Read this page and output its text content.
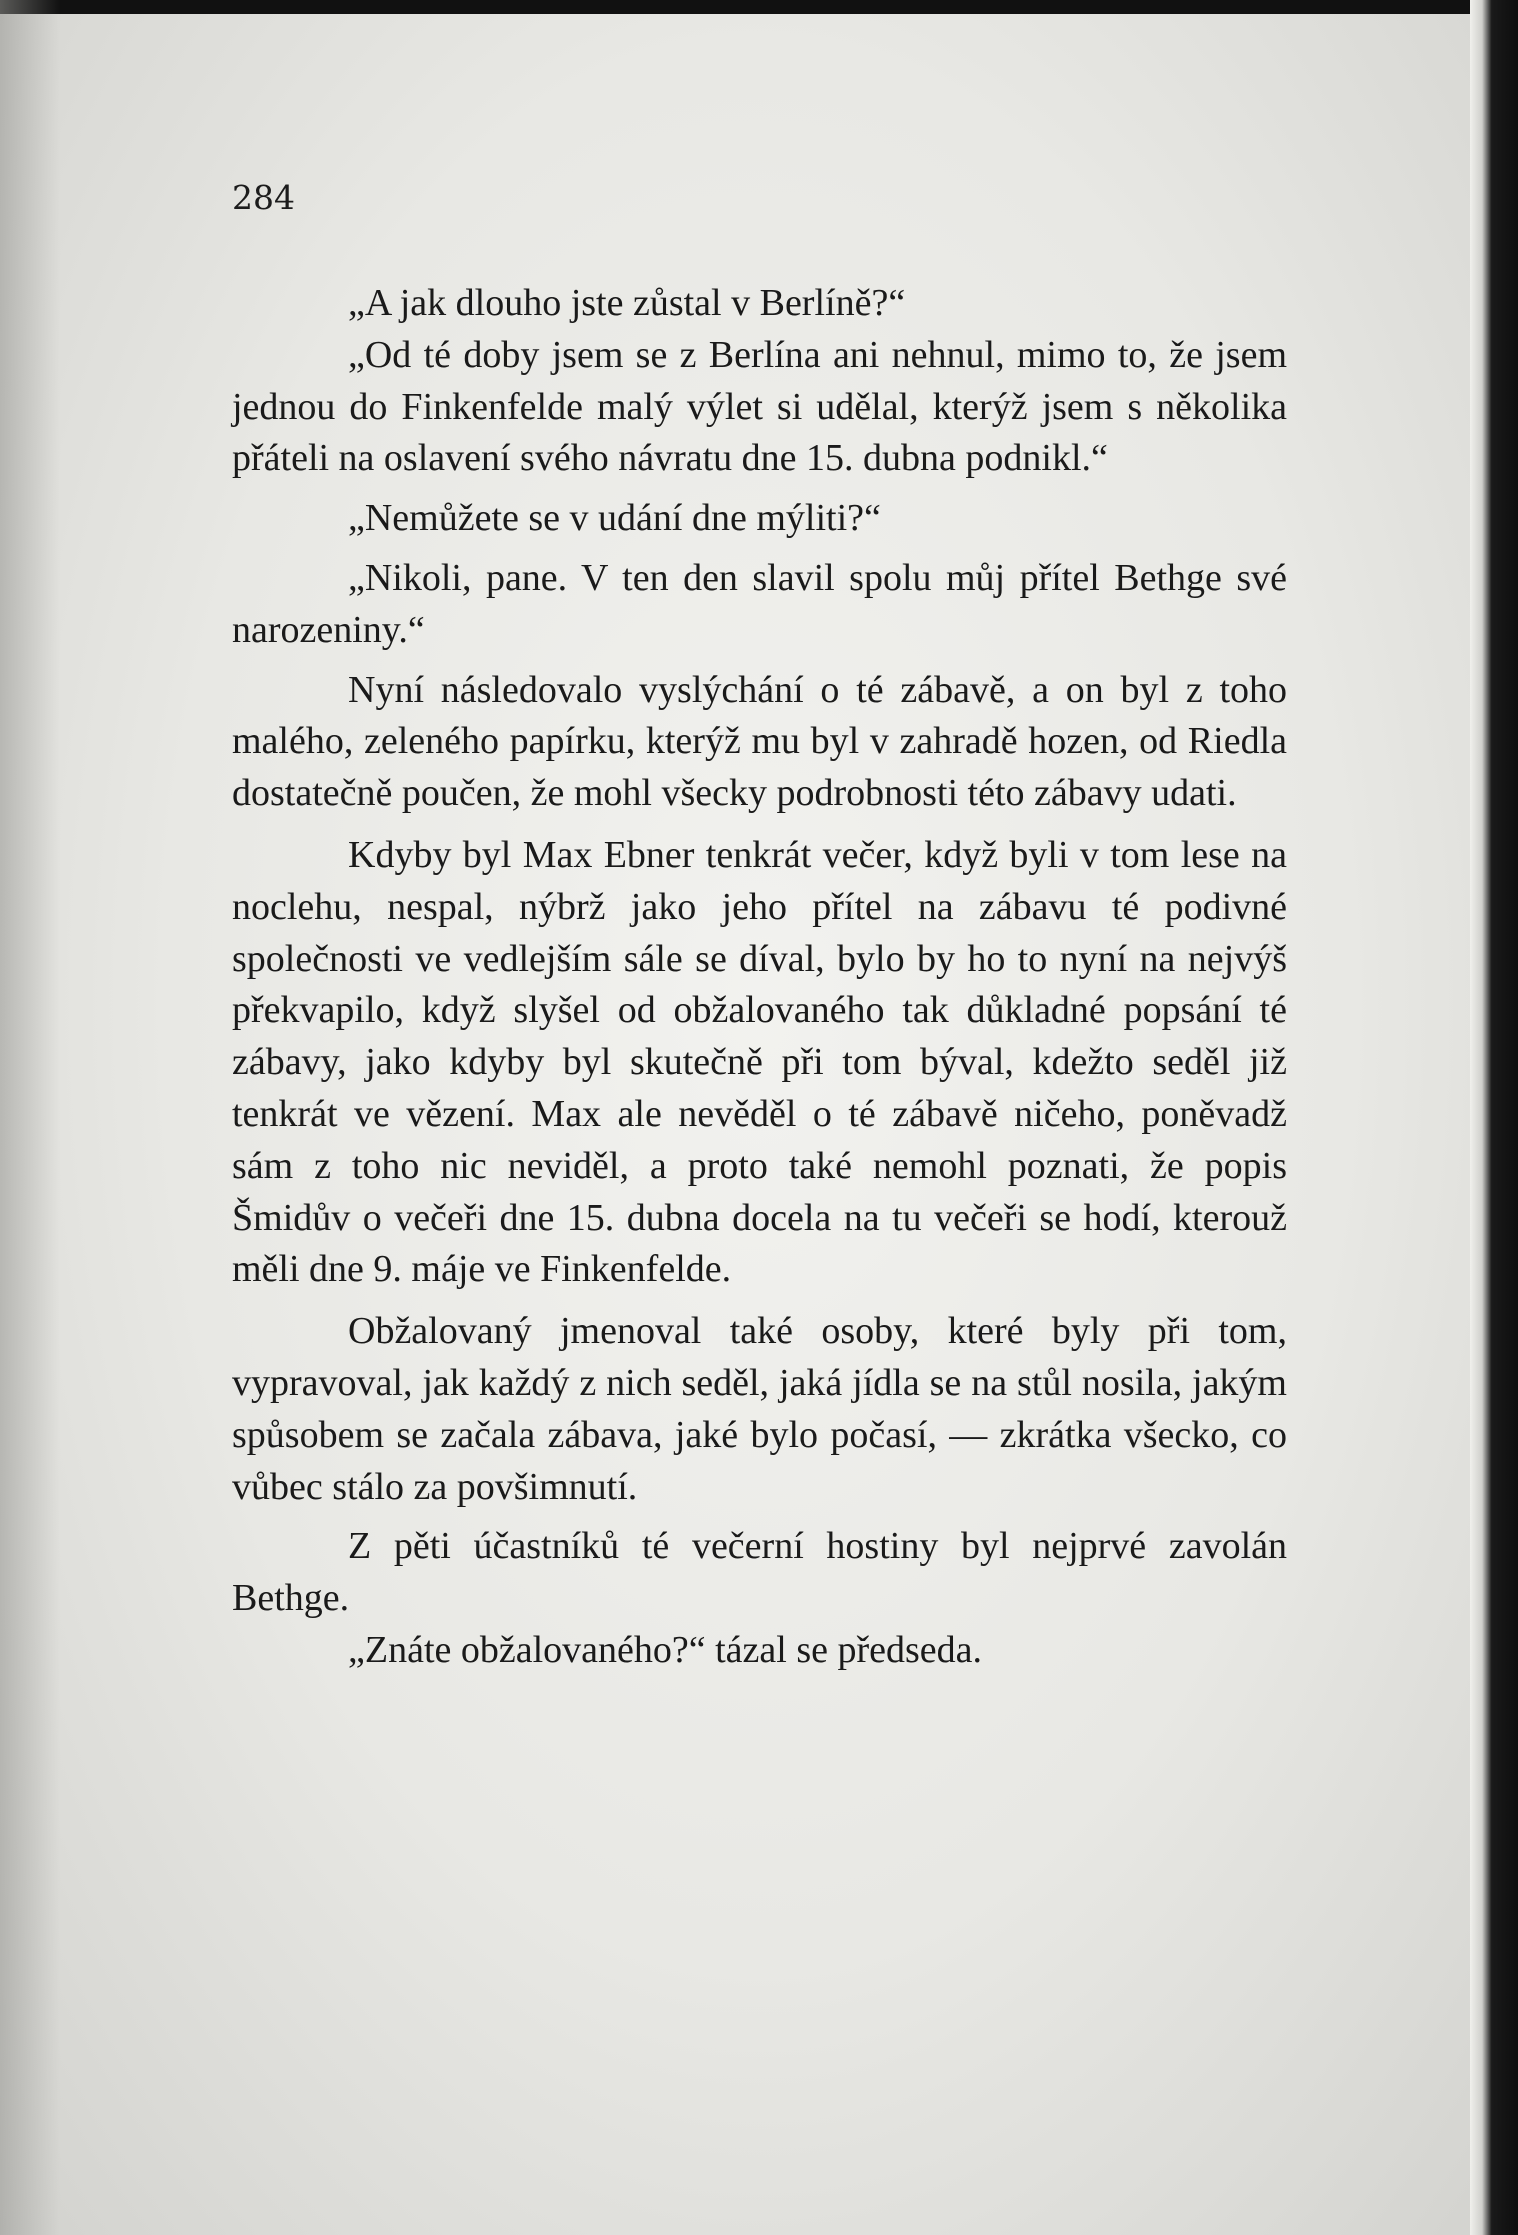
284

„A jak dlouho jste zůstal v Berlíně?“

„Od té doby jsem se z Berlína ani nehnul, mimo to, že jsem jednou do Finkenfelde malý výlet si udělal, kterýž jsem s několika přáteli na oslavení svého návratu dne 15. dubna podnikl.“

„Nemůžete se v udání dne mýliti?“

„Nikoli, pane. V ten den slavil spolu můj přítel Bethge své narozeniny.“

Nyní následovalo vyslýchání o té zábavě, a on byl z toho malého, zeleného papírku, kterýž mu byl v zahradě hozen, od Riedla dostatečně poučen, že mohl všecky podrobnosti této zábavy udati.

Kdyby byl Max Ebner tenkrát večer, když byli v tom lese na noclehu, nespal, nýbrž jako jeho přítel na zábavu té podivné společnosti ve vedlejším sále se díval, bylo by ho to nyní na nejvýš překvapilo, když slyšel od obžalovaného tak důkladné popsání té zábavy, jako kdyby byl skutečně při tom býval, kdežto seděl již tenkrát ve vězení. Max ale nevěděl o té zábavě ničeho, poněvadž sám z toho nic neviděl, a proto také nemohl poznati, že popis Šmidův o večeři dne 15. dubna docela na tu večeři se hodí, kterouž měli dne 9. máje ve Finkenfelde.

Obžalovaný jmenoval také osoby, které byly při tom, vypravoval, jak každý z nich seděl, jaká jídla se na stůl nosila, jakým spůsobem se začala zábava, jaké bylo počasí, — zkrátka všecko, co vůbec stálo za povšimnutí.

Z pěti účastníků té večerní hostiny byl nejprvé zavolán Bethge.

„Znáte obžalovaného?“ tázal se předseda.
